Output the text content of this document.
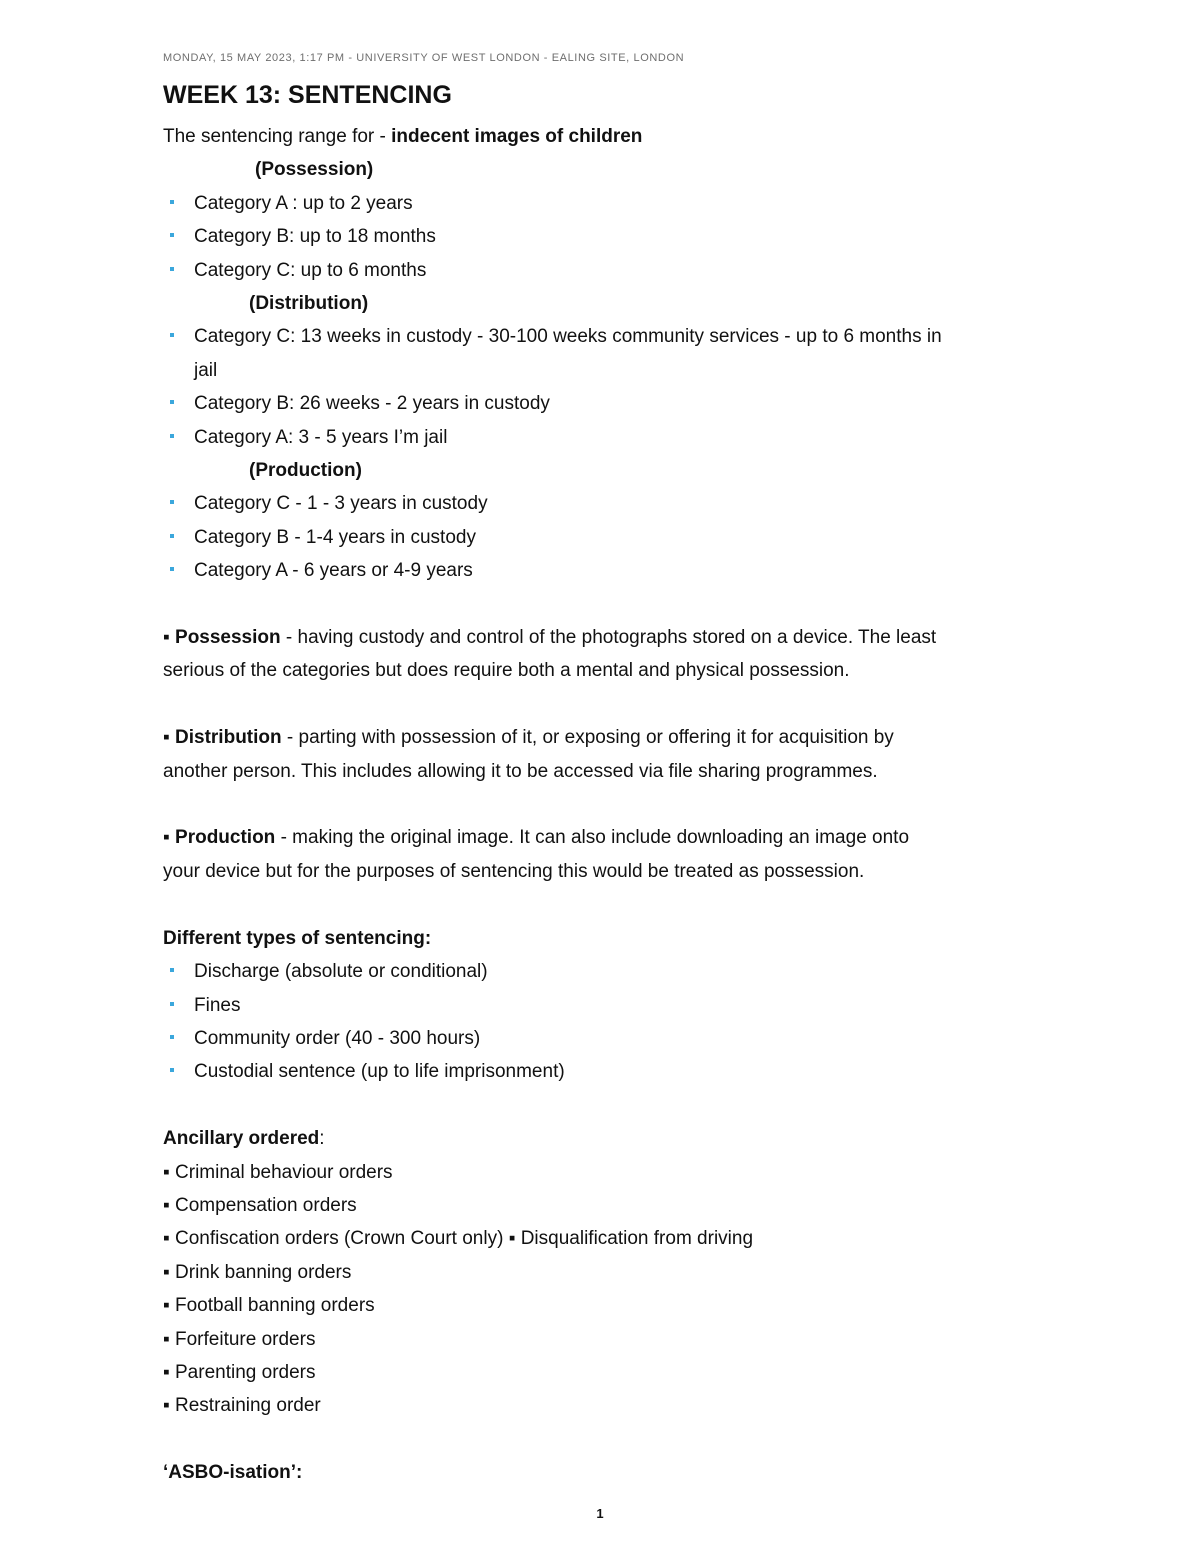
MONDAY, 15 MAY 2023, 1:17 PM - UNIVERSITY OF WEST LONDON - EALING SITE, LONDON
WEEK 13: SENTENCING
The sentencing range for - indecent images of children
(Possession)
Category A : up to 2 years
Category B: up to 18 months
Category C: up to 6 months
(Distribution)
Category C: 13 weeks in custody - 30-100 weeks community services - up to 6 months in
jail
Category B: 26 weeks - 2 years in custody
Category A: 3 - 5 years I’m jail
(Production)
Category C - 1 - 3 years in custody
Category B - 1-4 years in custody
Category A - 6 years or 4-9 years
▪ Possession - having custody and control of the photographs stored on a device. The least
serious of the categories but does require both a mental and physical possession.
▪ Distribution - parting with possession of it, or exposing or offering it for acquisition by
another person. This includes allowing it to be accessed via file sharing programmes.
▪ Production - making the original image. It can also include downloading an image onto
your device but for the purposes of sentencing this would be treated as possession.
Different types of sentencing:
Discharge (absolute or conditional)
Fines
Community order (40 - 300 hours)
Custodial sentence (up to life imprisonment)
Ancillary ordered:
▪ Criminal behaviour orders
▪ Compensation orders
▪ Confiscation orders (Crown Court only) ▪ Disqualification from driving
▪ Drink banning orders
▪ Football banning orders
▪ Forfeiture orders
▪ Parenting orders
▪ Restraining order
‘ASBO-isation’:
1
